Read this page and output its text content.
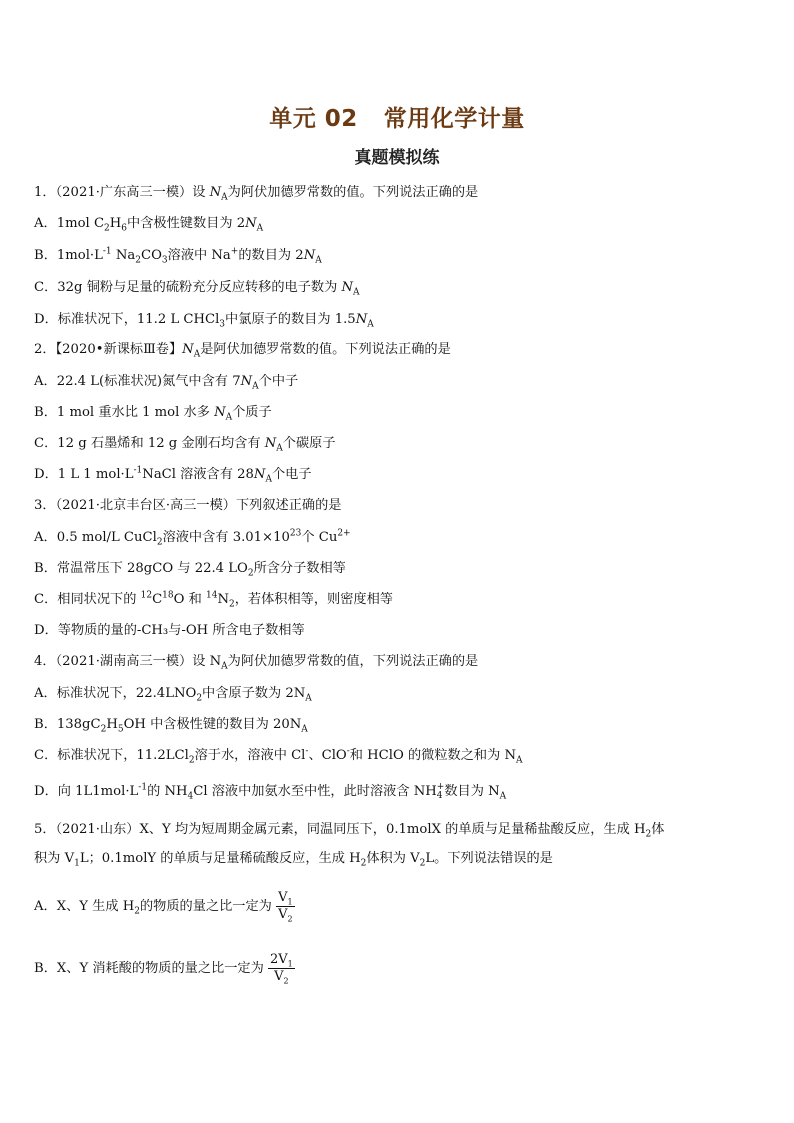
单元 02 常用化学计量
真题模拟练
1．（2021·广东高三一模）设 $N_A$为阿伏加德罗常数的值。下列说法正确的是
A．1mol $C_2H_6$中含极性键数目为 $2N_A$
B．$1mol\cdot L^{-1}$ $Na_2CO_3$溶液中 Na+的数目为 $2N_A$
C．32g 铜粉与足量的硫粉充分反应转移的电子数为 $N_A$
D．标准状况下，11.2 L CHCl$_3$中氯原子的数目为 $1.5N_A$
2．【2020•新课标Ⅲ卷】$N_A$是阿伏加德罗常数的值。下列说法正确的是
A．22.4 L(标准状况)氮气中含有 $7N_A$个中子
B．1 mol 重水比 1 mol 水多 $N_A$个质子
C．12 g 石墨烯和 12 g 金刚石均含有 $N_A$个碳原子
D．1 L 1 $mol\cdot L^{-1}NaCl$ 溶液含有 $28N_A$个电子
3．（2021·北京丰台区·高三一模）下列叙述正确的是
A．0.5 mol/L CuCl$_2$溶液中含有 $3.01\times 10^{23}$个 $Cu^{2+}$
B．常温常压下 28gCO 与 22.4 $LO_2$所含分子数相等
C．相同状况下的 $^{12}C^{18}O$ 和 $^{14}N_2$，若体积相等，则密度相等
D．等物质的量的-CH₃与-OH 所含电子数相等
4．（2021·湖南高三一模）设 $N_A$为阿伏加德罗常数的值，下列说法正确的是
A．标准状况下，$22.4LNO_2$中含原子数为 $2N_A$
B．$138gC_2H_5OH$ 中含极性键的数目为 $20N_A$
C．标准状况下，11.2LCl$_2$溶于水，溶液中 Cl-、ClO-和 HClO 的微粒数之和为 $N_A$
D．向 $1L1mol\cdot L^{-1}$的 $NH_4Cl$ 溶液中加氨水至中性，此时溶液含 NH +
4 数目为 $N_A$
5．（2021·山东）X、Y 均为短周期金属元素，同温同压下，0.1molX 的单质与足量稀盐酸反应，生成 $H_2$体
积为 $V_1L$；0.1molY 的单质与足量稀硫酸反应，生成 $H_2$体积为 $V_2L$。下列说法错误的是
A．X、Y 生成 $H_2$的物质的量之比一定为 $\frac{V_1}{V_2}$
B．X、Y 消耗酸的物质的量之比一定为 $\frac{2V_1}{V_2}$
